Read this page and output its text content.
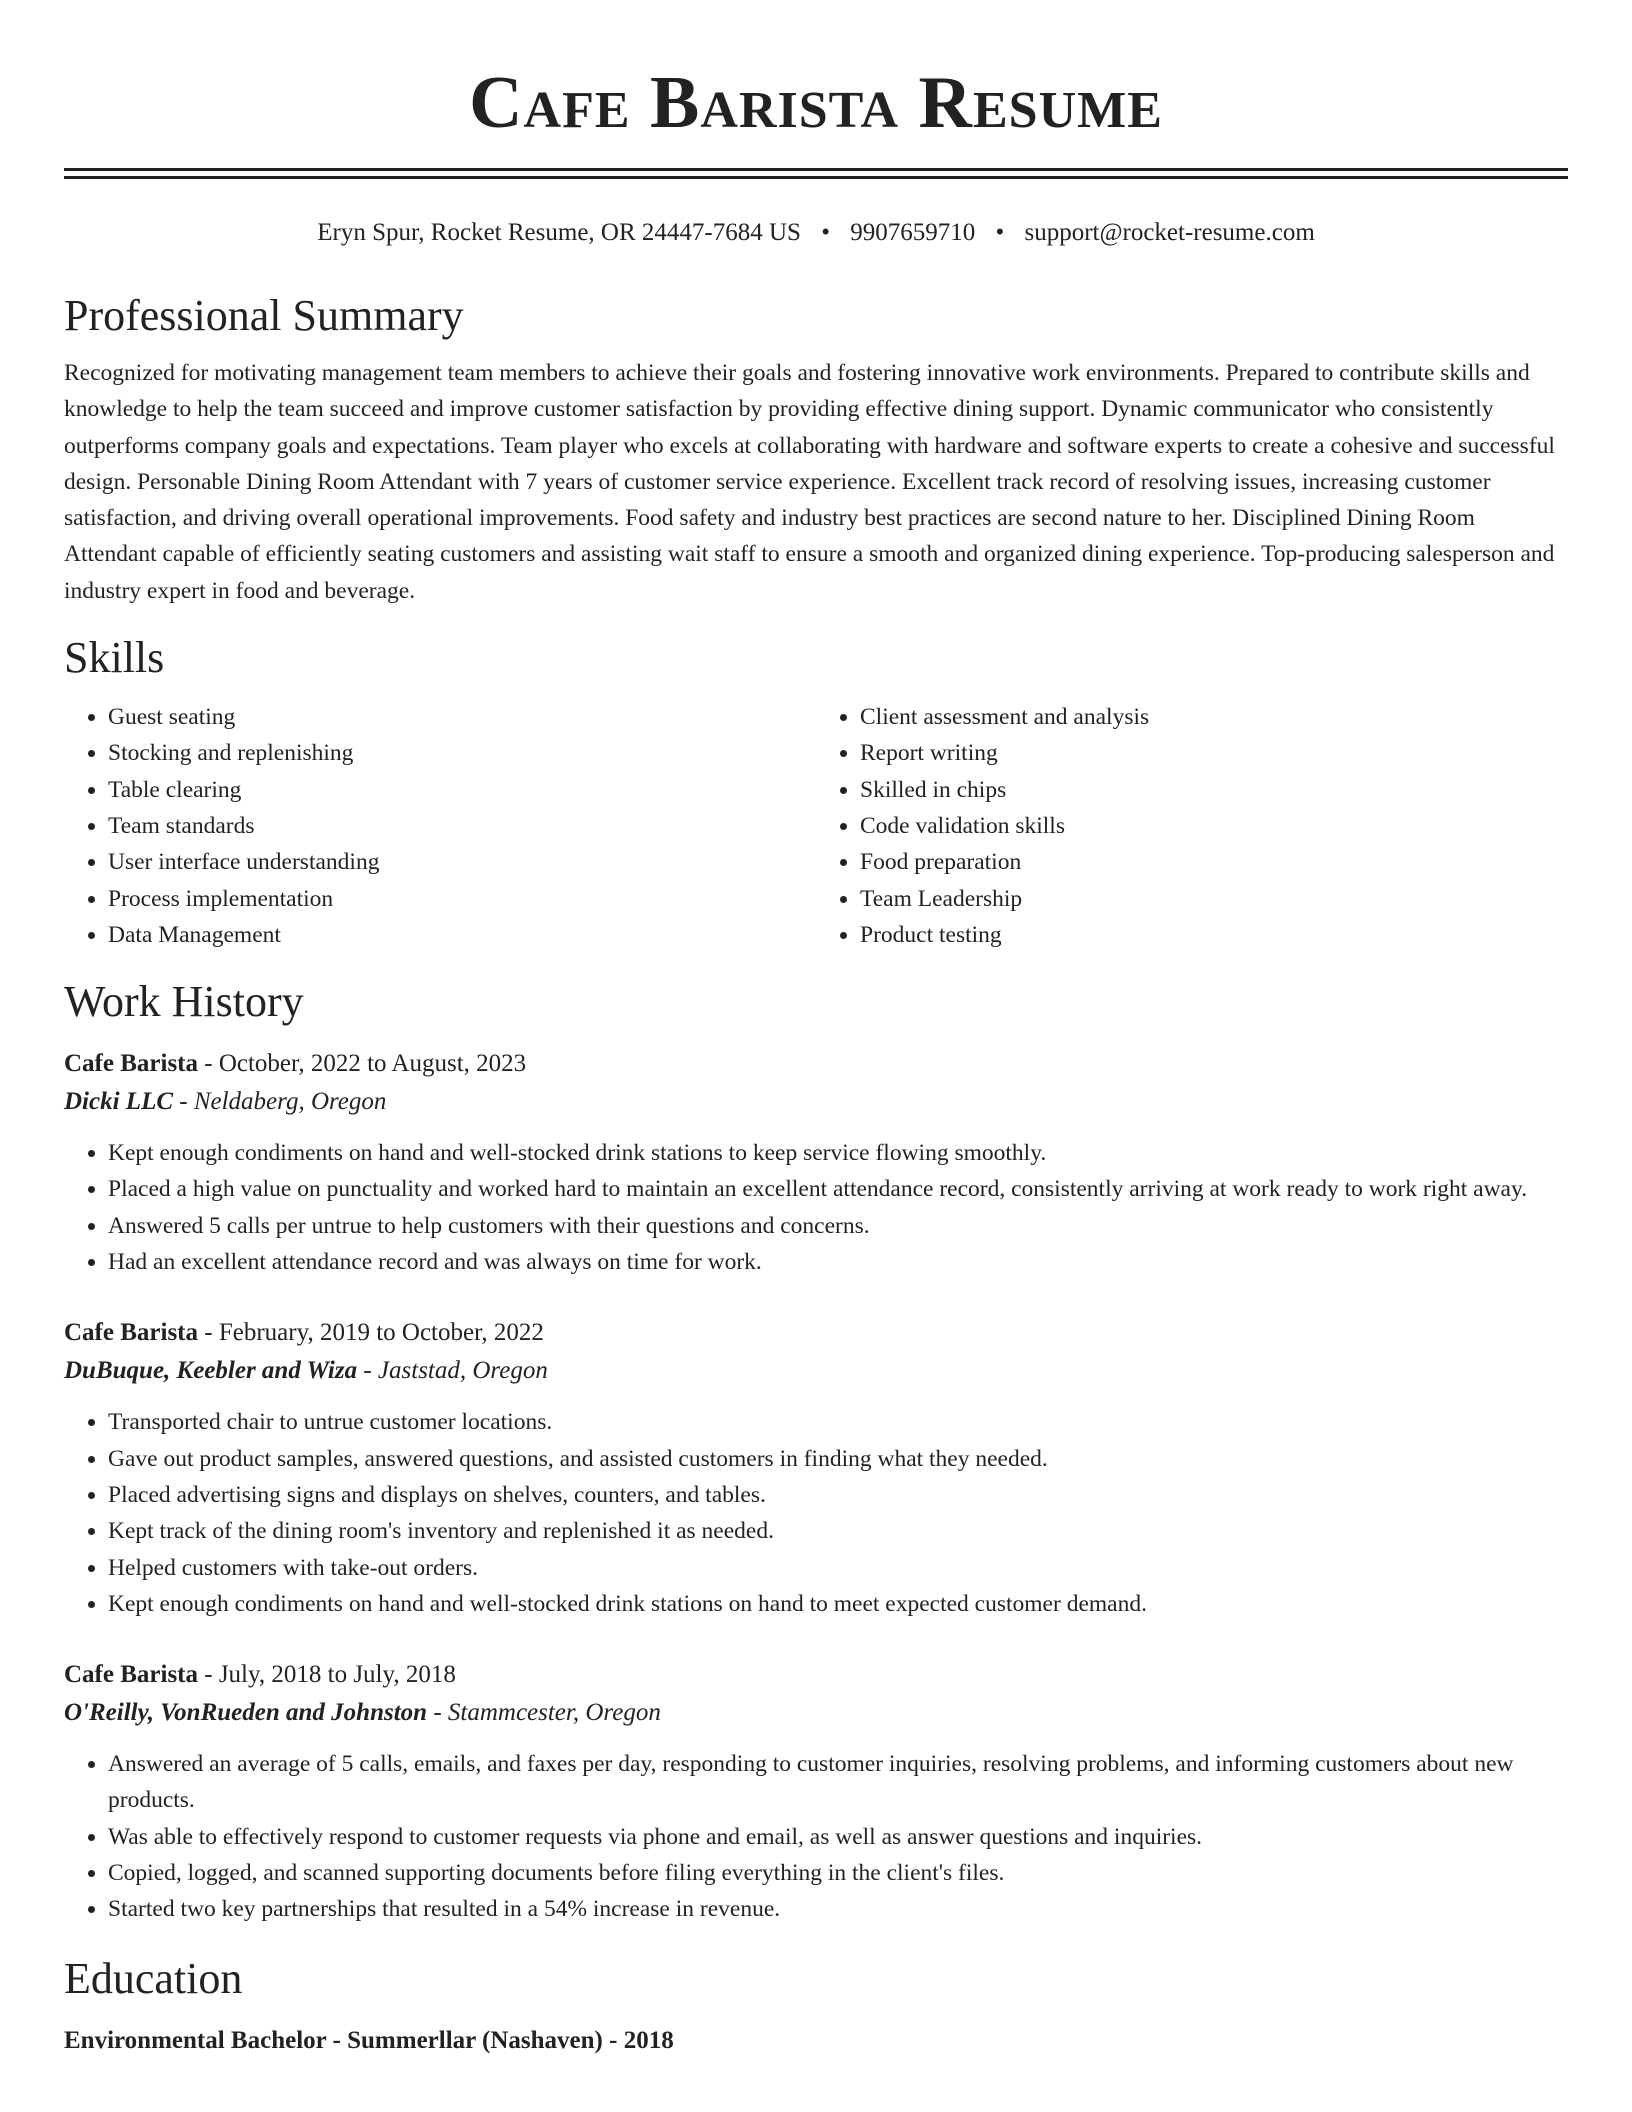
Cafe Barista Resume
Eryn Spur, Rocket Resume, OR 24447-7684 US • 9907659710 • support@rocket-resume.com
Professional Summary

Recognized for motivating management team members to achieve their goals and fostering innovative work environments. Prepared to contribute skills and knowledge to help the team succeed and improve customer satisfaction by providing effective dining support. Dynamic communicator who consistently outperforms company goals and expectations. Team player who excels at collaborating with hardware and software experts to create a cohesive and successful design. Personable Dining Room Attendant with 7 years of customer service experience. Excellent track record of resolving issues, increasing customer satisfaction, and driving overall operational improvements. Food safety and industry best practices are second nature to her. Disciplined Dining Room Attendant capable of efficiently seating customers and assisting wait staff to ensure a smooth and organized dining experience. Top-producing salesperson and industry expert in food and beverage.

Skills
• Guest seating
• Stocking and replenishing
• Table clearing
• Team standards
• User interface understanding
• Process implementation
• Data Management
• Client assessment and analysis
• Report writing
• Skilled in chips
• Code validation skills
• Food preparation
• Team Leadership
• Product testing
Work History
Cafe Barista - October, 2022 to August, 2023
Dicki LLC - Neldaberg, Oregon
• Kept enough condiments on hand and well-stocked drink stations to keep service flowing smoothly.
• Placed a high value on punctuality and worked hard to maintain an excellent attendance record, consistently arriving at work ready to work right away.
• Answered 5 calls per untrue to help customers with their questions and concerns.
• Had an excellent attendance record and was always on time for work.
Cafe Barista - February, 2019 to October, 2022
DuBuque, Keebler and Wiza - Jaststad, Oregon
• Transported chair to untrue customer locations.
• Gave out product samples, answered questions, and assisted customers in finding what they needed.
• Placed advertising signs and displays on shelves, counters, and tables.
• Kept track of the dining room's inventory and replenished it as needed.
• Helped customers with take-out orders.
• Kept enough condiments on hand and well-stocked drink stations on hand to meet expected customer demand.
Cafe Barista - July, 2018 to July, 2018
O'Reilly, VonRueden and Johnston - Stammcester, Oregon
• Answered an average of 5 calls, emails, and faxes per day, responding to customer inquiries, resolving problems, and informing customers about new products.
• Was able to effectively respond to customer requests via phone and email, as well as answer questions and inquiries.
• Copied, logged, and scanned supporting documents before filing everything in the client's files.
• Started two key partnerships that resulted in a 54% increase in revenue.
Education
Environmental Bachelor - Summerllar (Nashaven) - 2018
